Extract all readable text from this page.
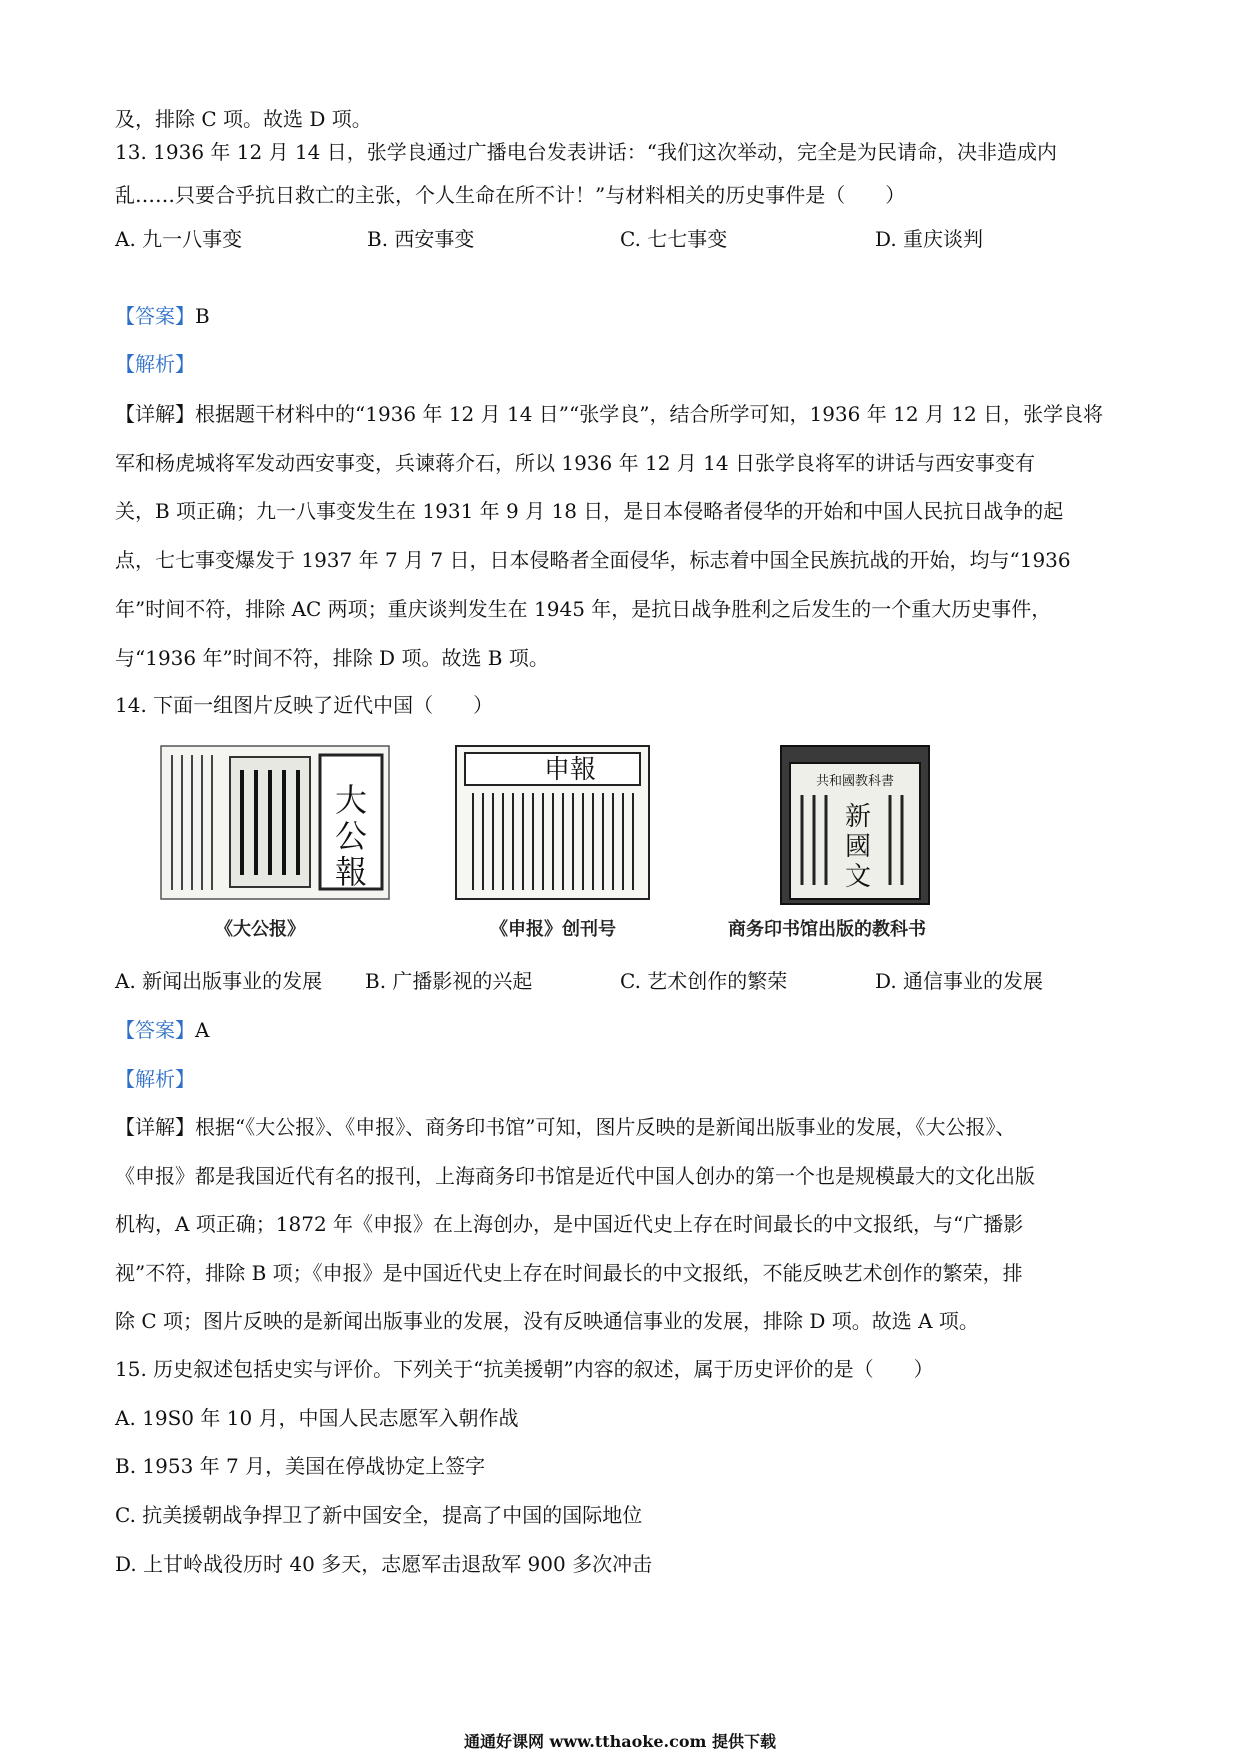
及，排除 C 项。故选 D 项。
13. 1936 年 12 月 14 日，张学良通过广播电台发表讲话：“我们这次举动，完全是为民请命，决非造成内
乱……只要合乎抗日救亡的主张，个人生命在所不计！”与材料相关的历史事件是（　　）
A. 九一八事变	B. 西安事变	C. 七七事变	D. 重庆谈判
【答案】B
【解析】
【详解】根据题干材料中的“1936 年 12 月 14 日”“张学良”，结合所学可知，1936 年 12 月 12 日，张学良将
军和杨虎城将军发动西安事变，兵谏蒋介石，所以 1936 年 12 月 14 日张学良将军的讲话与西安事变有
关，B 项正确；九一八事变发生在 1931 年 9 月 18 日，是日本侵略者侵华的开始和中国人民抗日战争的起
点，七七事变爆发于 1937 年 7 月 7 日，日本侵略者全面侵华，标志着中国全民族抗战的开始，均与“1936
年”时间不符，排除 AC 两项；重庆谈判发生在 1945 年，是抗日战争胜利之后发生的一个重大历史事件，
与“1936 年”时间不符，排除 D 项。故选 B 项。
14. 下面一组图片反映了近代中国（　　）
大公報
申報	共和國教科書
新國文
《大公报》	《申报》创刊号	商务印书馆出版的教科书
A. 新闻出版事业的发展 B. 广播影视的兴起	C. 艺术创作的繁荣	D. 通信事业的发展
【答案】A
【解析】
【详解】根据“《大公报》、《申报》、商务印书馆”可知，图片反映的是新闻出版事业的发展，《大公报》、
《申报》都是我国近代有名的报刊，上海商务印书馆是近代中国人创办的第一个也是规模最大的文化出版
机构，A 项正确；1872 年《申报》在上海创办，是中国近代史上存在时间最长的中文报纸，与“广播影
视”不符，排除 B 项；《申报》是中国近代史上存在时间最长的中文报纸，不能反映艺术创作的繁荣，排
除 C 项；图片反映的是新闻出版事业的发展，没有反映通信事业的发展，排除 D 项。故选 A 项。
15. 历史叙述包括史实与评价。下列关于“抗美援朝”内容的叙述，属于历史评价的是（　　）
A. 19S0 年 10 月，中国人民志愿军入朝作战
B. 1953 年 7 月，美国在停战协定上签字
C. 抗美援朝战争捍卫了新中国安全，提高了中国的国际地位
D. 上甘岭战役历时 40 多天，志愿军击退敌军 900 多次冲击
通通好课网 www.tthaoke.com 提供下载
